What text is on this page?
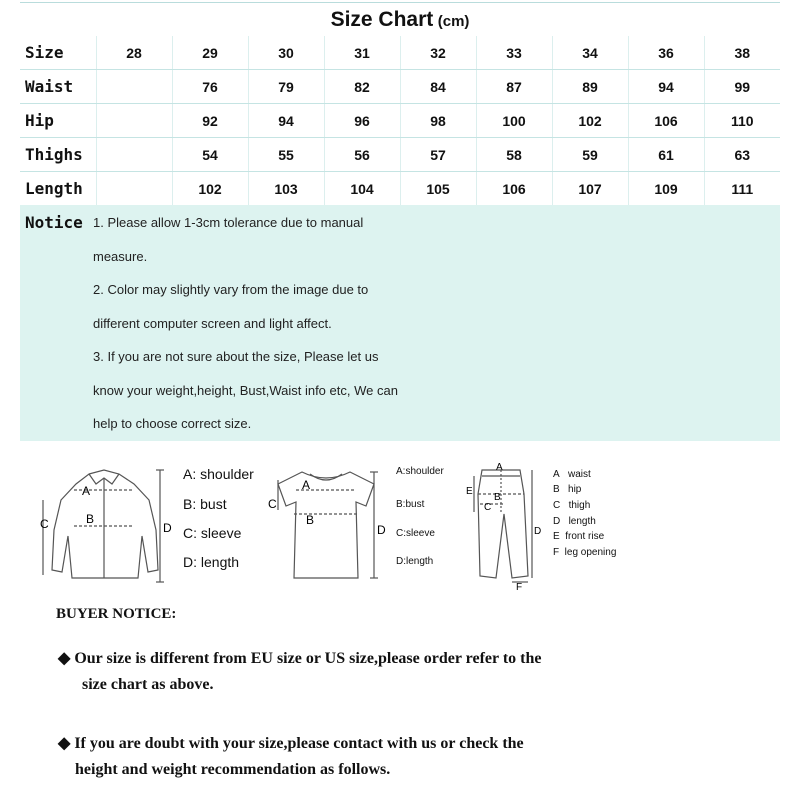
Size Chart (cm)
Size	28	29	30	31	32	33	34	36	38
Waist		76	79	82	84	87	89	94	99
Hip		92	94	96	98	100	102	106	110
Thighs		54	55	56	57	58	59	61	63
Length		102	103	104	105	106	107	109	111
Notice 1. Please allow 1-3cm tolerance due to manual
measure.
2. Color may slightly vary from the image due to
different computer screen and light affect.
3. If you are not sure about the size, Please let us
know your weight,height, Bust,Waist info etc, We can
help to choose correct size.
A
B
C	D
A: shoulder
B: bust
C: sleeve
D: length
A
B
C
D
A:shoulder
B:bust
C:sleeve
D:length
A
B
C
D
E
F
A waist
B hip
C thigh
D length
E front rise
F leg opening
BUYER NOTICE:
◆ Our size is different from EU size or US size,please order refer to the
size chart as above.
◆ If you are doubt with your size,please contact with us or check the
height and weight recommendation as follows.
